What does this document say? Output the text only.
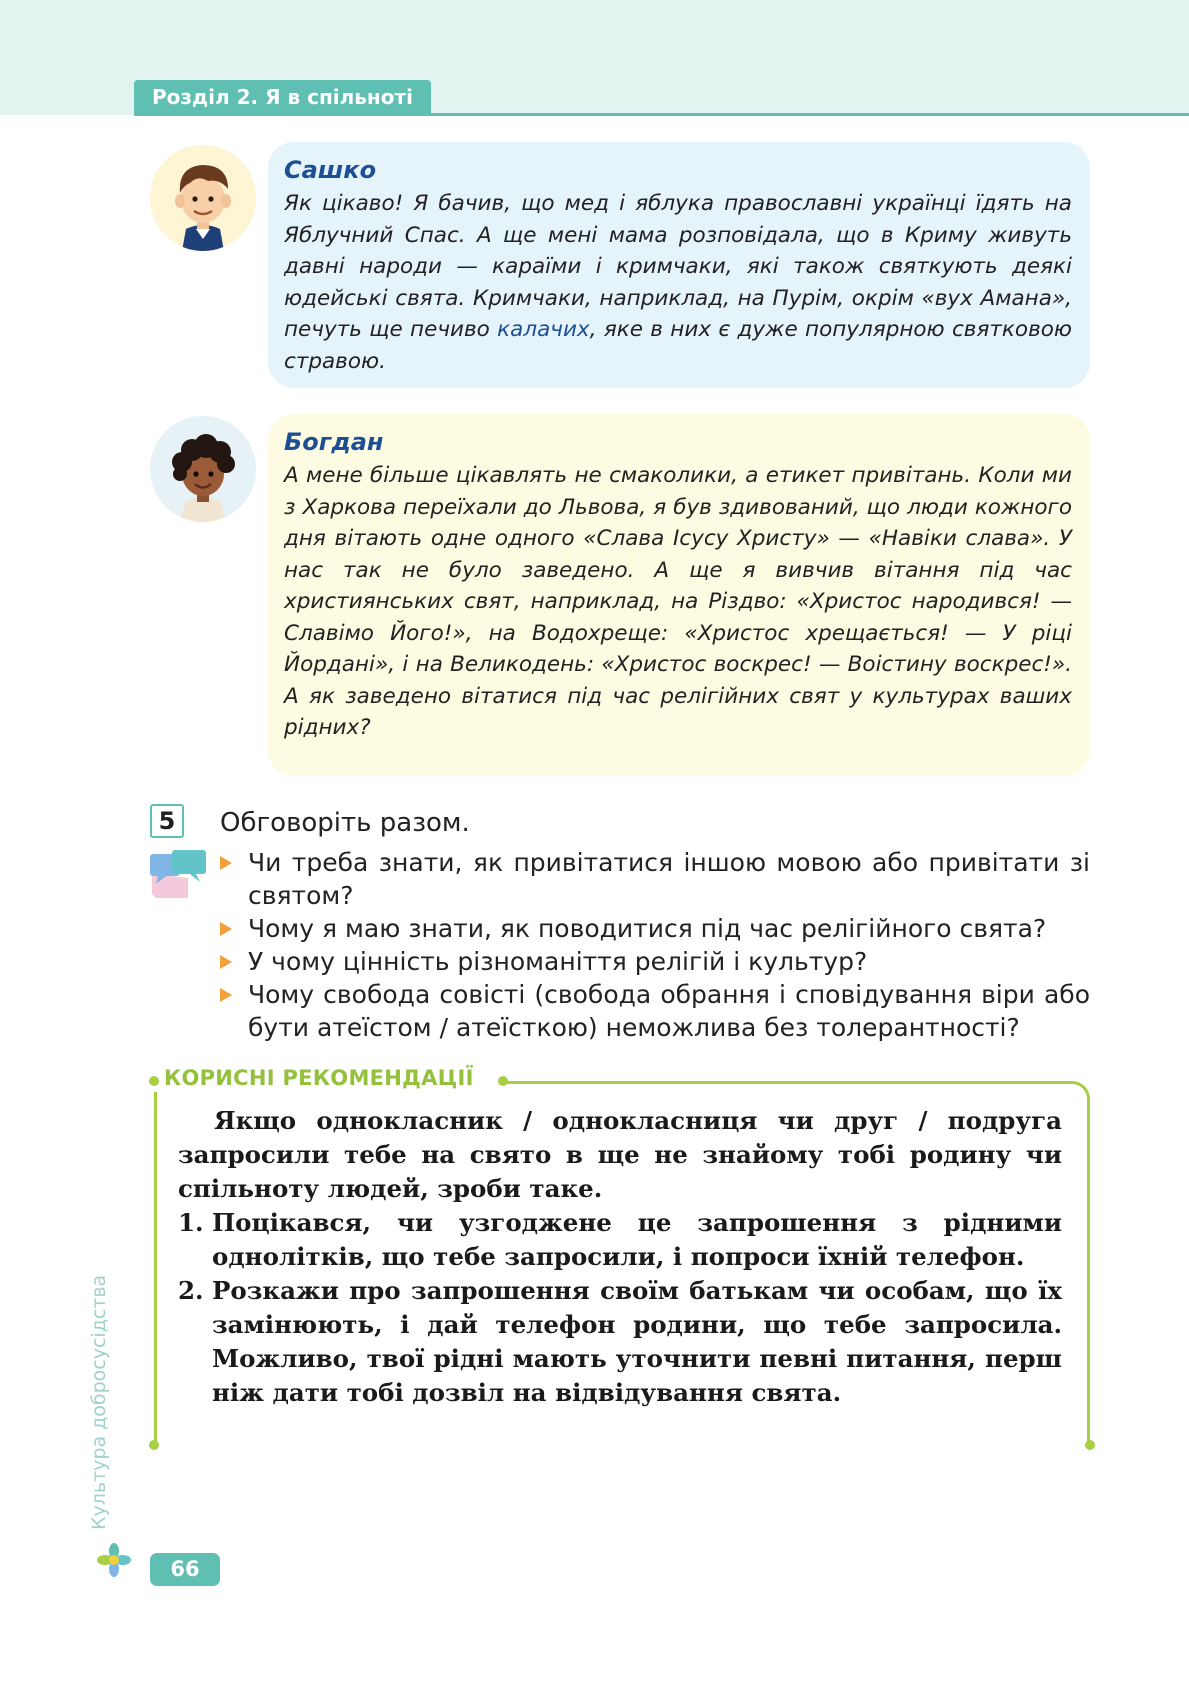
Розділ 2. Я в спільноті

Сашко

Як цікаво! Я бачив, що мед і яблука православні українці їдять на Яблучний Спас. А ще мені мама розповідала, що в Криму живуть давні народи — караїми і кримчаки, які також святкують деякі юдейські свята. Кримчаки, наприклад, на Пурім, окрім «вух Амана», печуть ще печиво калачих, яке в них є дуже популярною святковою стравою.

Богдан

А мене більше цікавлять не смаколики, а етикет привітань. Коли ми з Харкова переїхали до Львова, я був здивований, що люди кожного дня вітають одне одного «Слава Ісусу Христу» — «Навіки слава». У нас так не було заведено. А ще я вивчив вітання під час християнських свят, наприклад, на Різдво: «Христос народився! — Славімо Його!», на Водохреще: «Христос хрещається! — У ріці Йордані», і на Великодень: «Христос воскрес! — Воістину воскрес!». А як заведено вітатися під час релігійних свят у культурах ваших рідних?

5	Обговоріть разом.
Чи треба знати, як привітатися іншою мовою або привітати зі святом?
Чому я маю знати, як поводитися під час релігійного свята?
У чому цінність різноманіття релігій і культур?
Чому свобода совісті (свобода обрання і сповідування віри або бути атеїстом / атеїсткою) неможлива без толерантності?
КОРИСНІ РЕКОМЕНДАЦІЇ

Якщо однокласник / однокласниця чи друг / подруга запросили тебе на свято в ще не знайому тобі родину чи спільноту людей, зроби таке.

1. Поцікався, чи узгоджене це запрошення з рідними однолітків, що тебе запросили, і попроси їхній телефон.
2. Розкажи про запрошення своїм батькам чи особам, що їх замінюють, і дай телефон родини, що тебе запросила. Можливо, твої рідні мають уточнити певні питання, перш ніж дати тобі дозвіл на відвідування свята.
Культура добросусідства
66
